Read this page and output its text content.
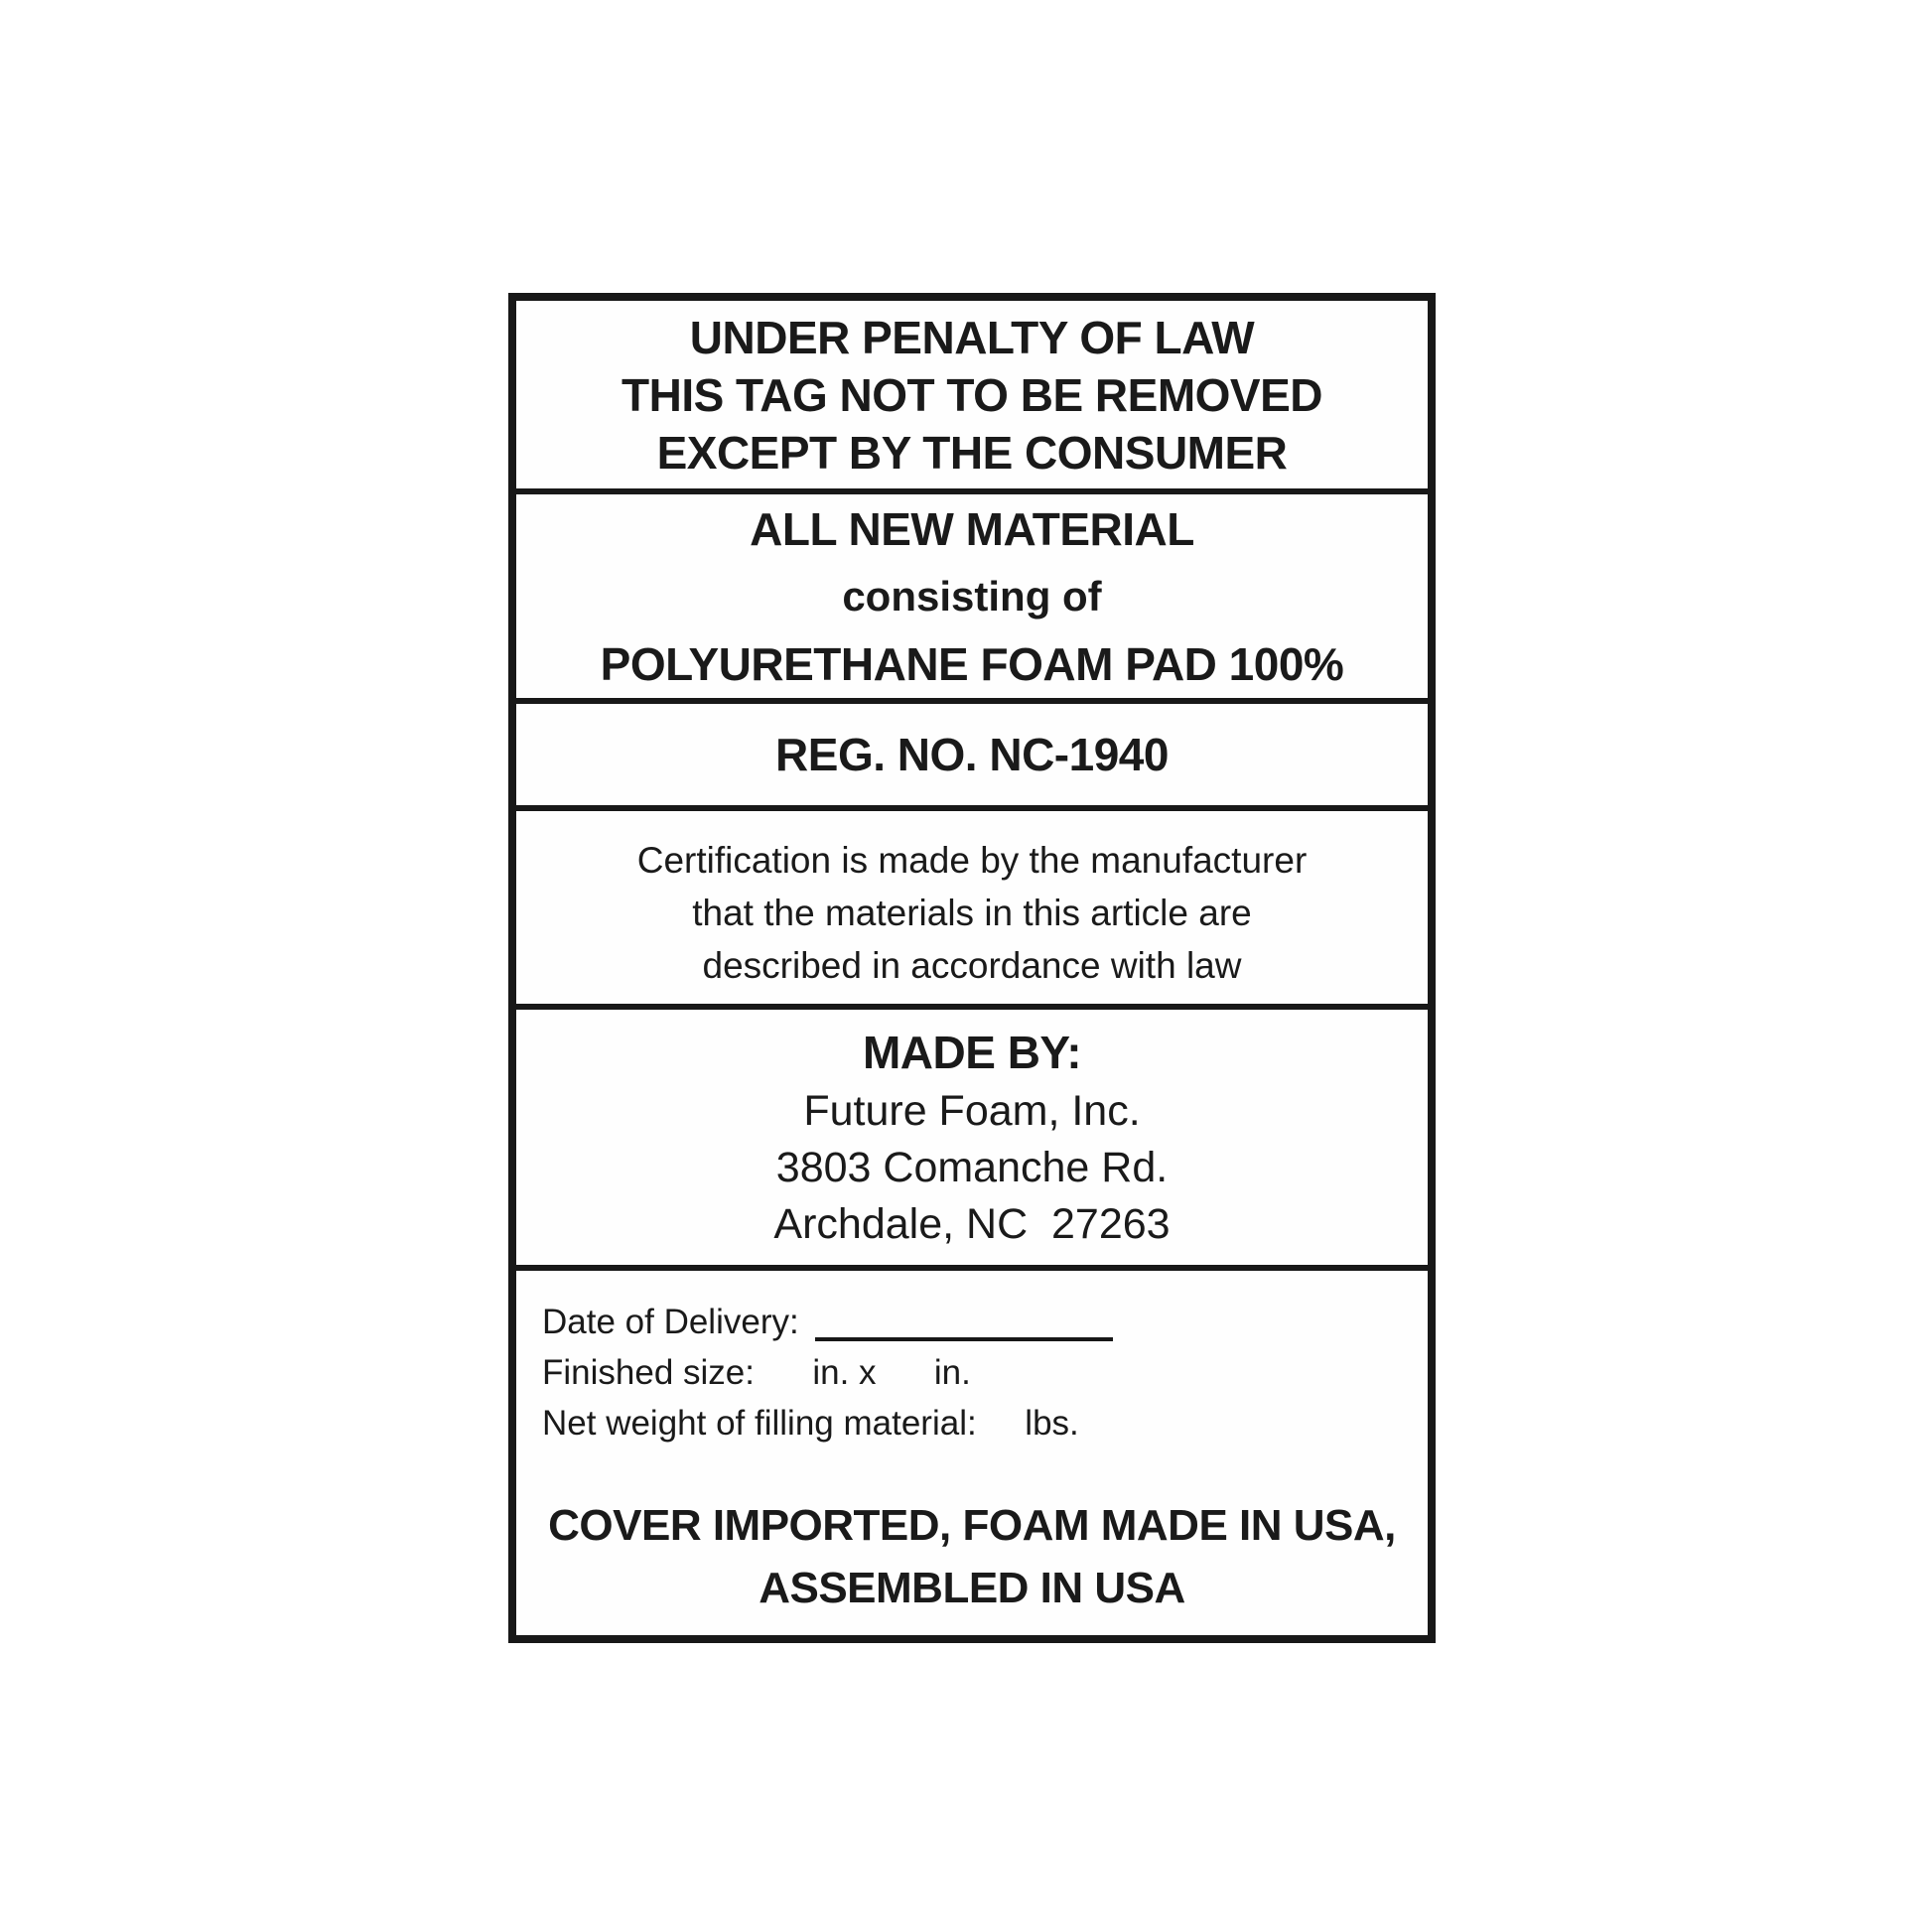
UNDER PENALTY OF LAW
THIS TAG NOT TO BE REMOVED
EXCEPT BY THE CONSUMER
ALL NEW MATERIAL
consisting of
POLYURETHANE FOAM PAD 100%
REG. NO. NC-1940
Certification is made by the manufacturer
that the materials in this article are
described in accordance with law
MADE BY:
Future Foam, Inc.
3803 Comanche Rd.
Archdale, NC  27263
Date of Delivery:
Finished size:      in. x      in.
Net weight of filling material:     lbs.
COVER IMPORTED, FOAM MADE IN USA,
ASSEMBLED IN USA
